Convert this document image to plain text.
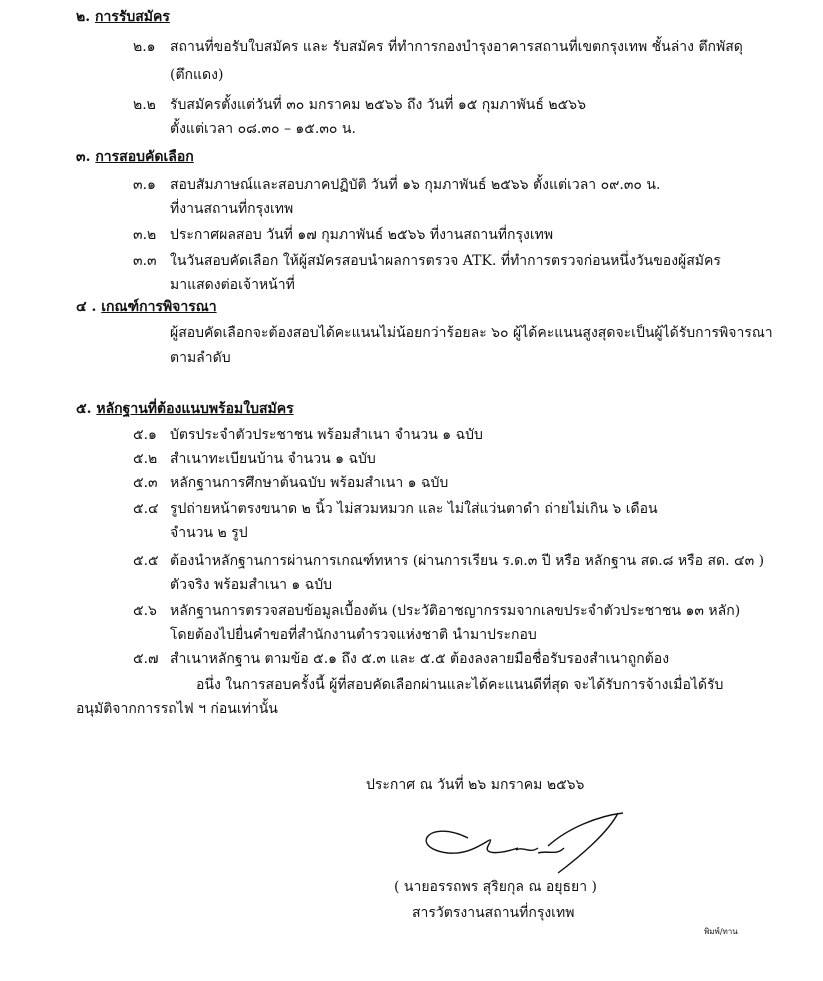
๒. การรับสมัคร
๒.๑ สถานที่ขอรับใบสมัคร และ รับสมัคร ที่ทำการกองบำรุงอาคารสถานที่เขตกรุงเทพ ชั้นล่าง ตึกพัสดุ
(ตึกแดง)
๒.๒ รับสมัครตั้งแต่วันที่ ๓๐ มกราคม ๒๕๖๖ ถึง วันที่ ๑๕ กุมภาพันธ์ ๒๕๖๖
ตั้งแต่เวลา ๐๘.๓๐ – ๑๕.๓๐ น.
๓. การสอบคัดเลือก
๓.๑ สอบสัมภาษณ์และสอบภาคปฏิบัติ วันที่ ๑๖ กุมภาพันธ์ ๒๕๖๖ ตั้งแต่เวลา ๐๙.๓๐ น.
ที่งานสถานที่กรุงเทพ
๓.๒ ประกาศผลสอบ วันที่ ๑๗ กุมภาพันธ์ ๒๕๖๖ ที่งานสถานที่กรุงเทพ
๓.๓ ในวันสอบคัดเลือก ให้ผู้สมัครสอบนำผลการตรวจ ATK. ที่ทำการตรวจก่อนหนึ่งวันของผู้สมัคร
มาแสดงต่อเจ้าหน้าที่
๔ . เกณฑ์การพิจารณา
ผู้สอบคัดเลือกจะต้องสอบได้คะแนนไม่น้อยกว่าร้อยละ ๖๐ ผู้ได้คะแนนสูงสุดจะเป็นผู้ได้รับการพิจารณา
ตามลำดับ
๕. หลักฐานที่ต้องแนบพร้อมใบสมัคร
๕.๑ บัตรประจำตัวประชาชน พร้อมสำเนา จำนวน ๑ ฉบับ
๕.๒ สำเนาทะเบียนบ้าน จำนวน ๑ ฉบับ
๕.๓ หลักฐานการศึกษาต้นฉบับ พร้อมสำเนา ๑ ฉบับ
๕.๔ รูปถ่ายหน้าตรงขนาด ๒ นิ้ว ไม่สวมหมวก และ ไม่ใส่แว่นตาดำ ถ่ายไม่เกิน ๖ เดือน
จำนวน ๒ รูป
๕.๕ ต้องนำหลักฐานการผ่านการเกณฑ์ทหาร (ผ่านการเรียน ร.ด.๓ ปี หรือ หลักฐาน สด.๘ หรือ สด. ๔๓ )
ตัวจริง พร้อมสำเนา ๑ ฉบับ
๕.๖ หลักฐานการตรวจสอบข้อมูลเบื้องต้น (ประวัติอาชญากรรมจากเลขประจำตัวประชาชน ๑๓ หลัก)
โดยต้องไปยื่นคำขอที่สำนักงานตำรวจแห่งชาติ นำมาประกอบ
๕.๗ สำเนาหลักฐาน ตามข้อ ๕.๑ ถึง ๕.๓ และ ๕.๕ ต้องลงลายมือชื่อรับรองสำเนาถูกต้อง
อนึ่ง ในการสอบครั้งนี้ ผู้ที่สอบคัดเลือกผ่านและได้คะแนนดีที่สุด จะได้รับการจ้างเมื่อได้รับ
อนุมัติจากการรถไฟ ฯ ก่อนเท่านั้น
ประกาศ ณ วันที่ ๒๖ มกราคม ๒๕๖๖
( นายอรรถพร สุริยกุล ณ อยุธยา )
สารวัตรงานสถานที่กรุงเทพ
พิมพ์/ทาน
